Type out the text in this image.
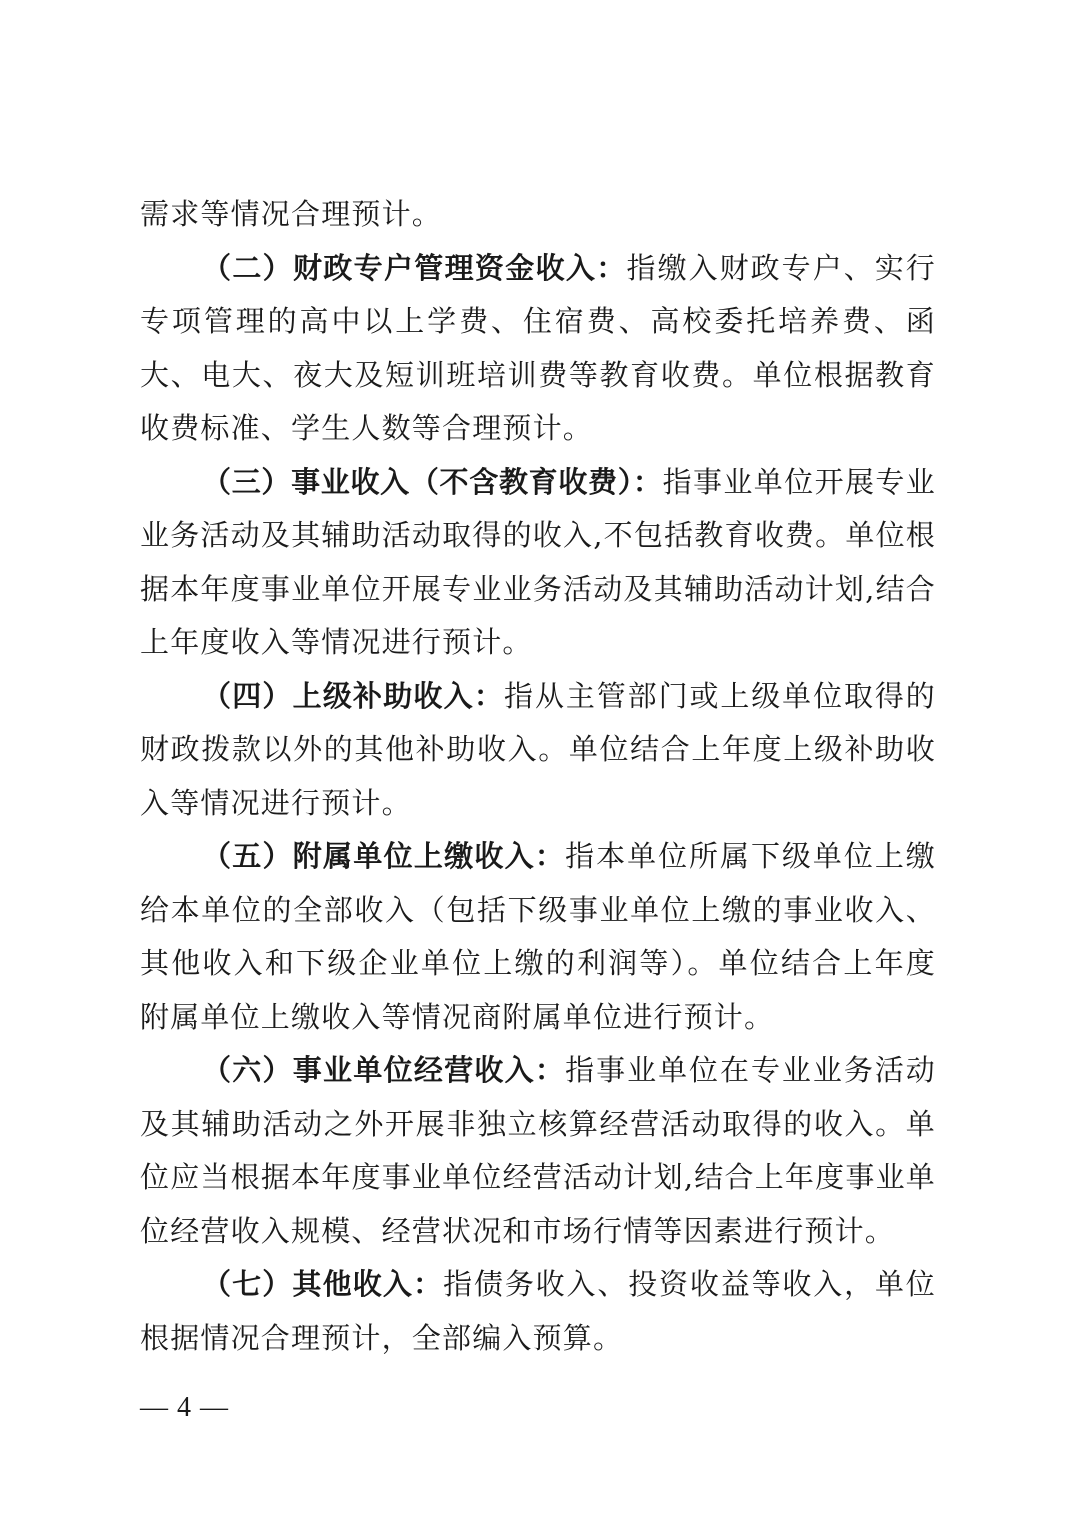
需求等情况合理预计。

（二）财政专户管理资金收入：指缴入财政专户、实行专项管理的高中以上学费、住宿费、高校委托培养费、函大、电大、夜大及短训班培训费等教育收费。单位根据教育收费标准、学生人数等合理预计。

（三）事业收入（不含教育收费）：指事业单位开展专业业务活动及其辅助活动取得的收入,不包括教育收费。单位根据本年度事业单位开展专业业务活动及其辅助活动计划,结合上年度收入等情况进行预计。

（四）上级补助收入：指从主管部门或上级单位取得的财政拨款以外的其他补助收入。单位结合上年度上级补助收入等情况进行预计。

（五）附属单位上缴收入：指本单位所属下级单位上缴给本单位的全部收入（包括下级事业单位上缴的事业收入、其他收入和下级企业单位上缴的利润等）。单位结合上年度附属单位上缴收入等情况商附属单位进行预计。

（六）事业单位经营收入：指事业单位在专业业务活动及其辅助活动之外开展非独立核算经营活动取得的收入。单位应当根据本年度事业单位经营活动计划,结合上年度事业单位经营收入规模、经营状况和市场行情等因素进行预计。

（七）其他收入：指债务收入、投资收益等收入，单位根据情况合理预计，全部编入预算。

— 4 —
